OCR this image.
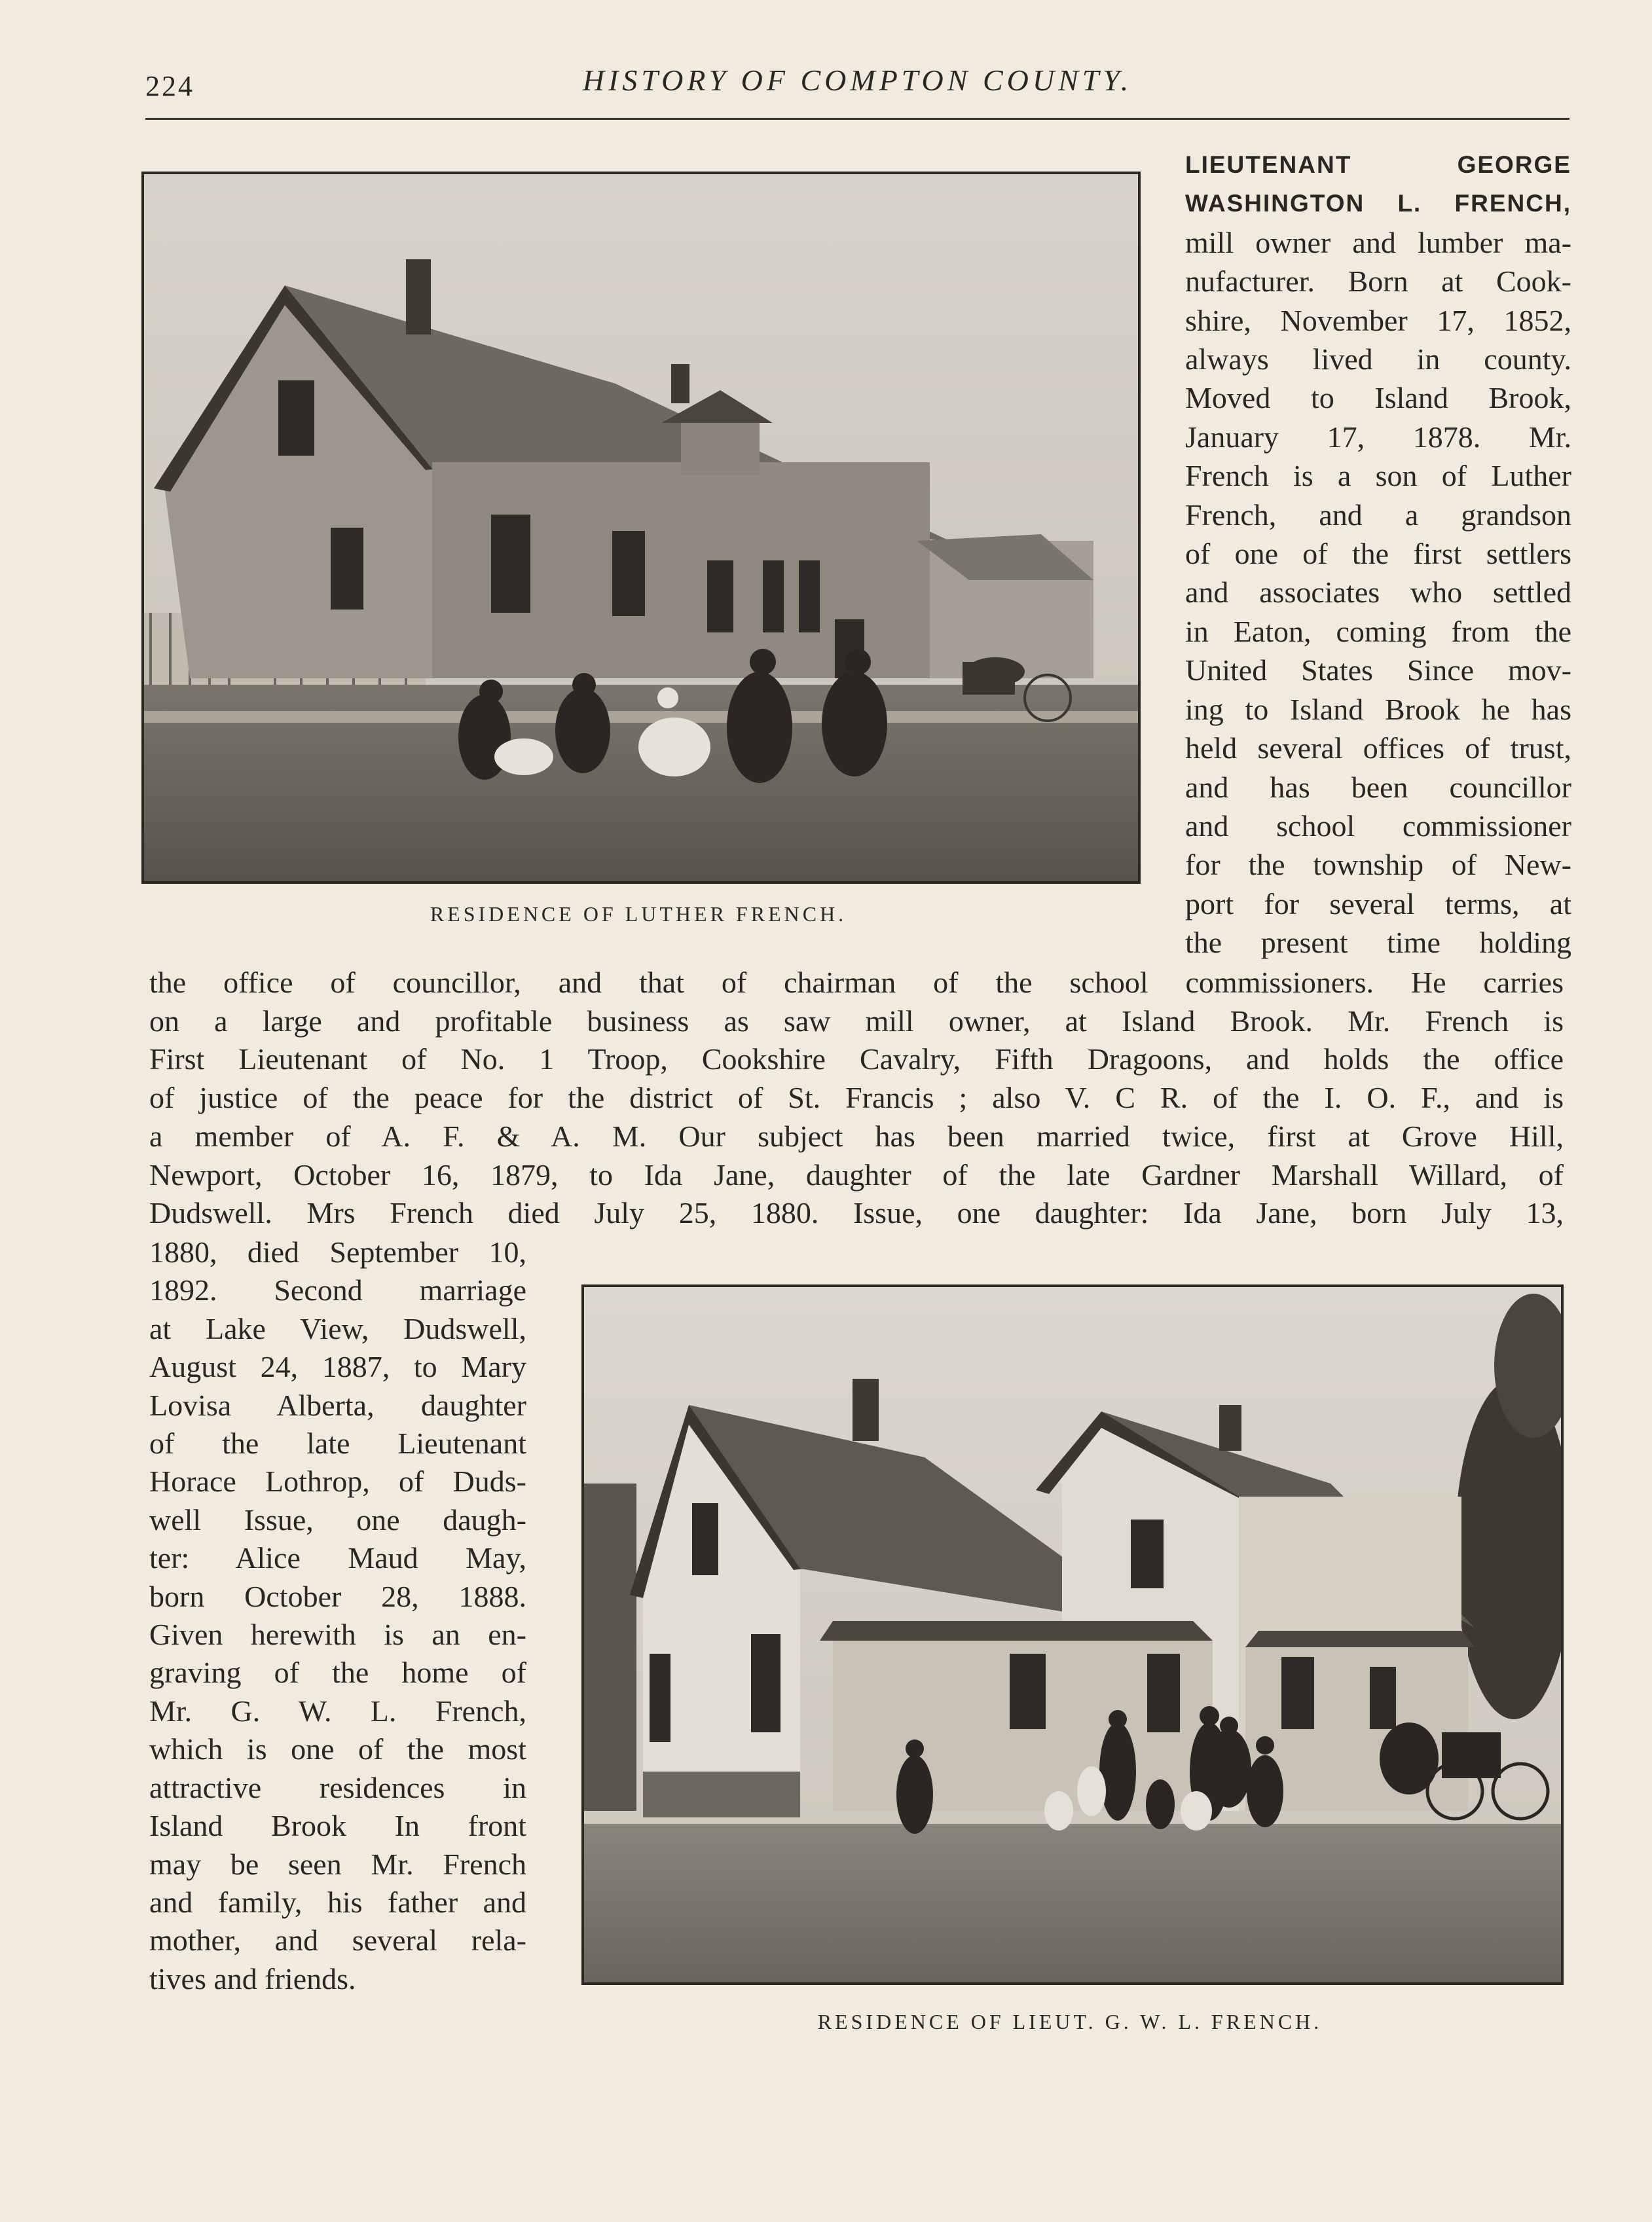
224	HISTORY OF COMPTON COUNTY.
RESIDENCE OF LUTHER FRENCH.
LIEUTENANT GEORGE
WASHINGTON L. FRENCH,
mill owner and lumber ma-
nufacturer. Born at Cook-
shire, November 17, 1852,
always lived in county.
Moved to Island Brook,
January 17, 1878. Mr.
French is a son of Luther
French, and a grandson
of one of the first settlers
and associates who settled
in Eaton, coming from the
United States Since mov-
ing to Island Brook he has
held several offices of trust,
and has been councillor
and school commissioner
for the township of New-
port for several terms, at
the present time holding
the office of councillor, and that of chairman of the school commissioners. He carries
on a large and profitable business as saw mill owner, at Island Brook. Mr. French is
First Lieutenant of No. 1 Troop, Cookshire Cavalry, Fifth Dragoons, and holds the office
of justice of the peace for the district of St. Francis ; also V. C R. of the I. O. F., and is
a member of A. F. & A. M. Our subject has been married twice, first at Grove Hill,
Newport, October 16, 1879, to Ida Jane, daughter of the late Gardner Marshall Willard, of
Dudswell. Mrs French died July 25, 1880. Issue, one daughter: Ida Jane, born July 13,
1880, died September 10,
1892. Second marriage
at Lake View, Dudswell,
August 24, 1887, to Mary
Lovisa Alberta, daughter
of the late Lieutenant
Horace Lothrop, of Duds-
well Issue, one daugh-
ter: Alice Maud May,
born October 28, 1888.
Given herewith is an en-
graving of the home of
Mr. G. W. L. French,
which is one of the most
attractive residences in
Island Brook In front
may be seen Mr. French
and family, his father and
mother, and several rela-
tives and friends.
RESIDENCE OF LIEUT. G. W. L. FRENCH.
